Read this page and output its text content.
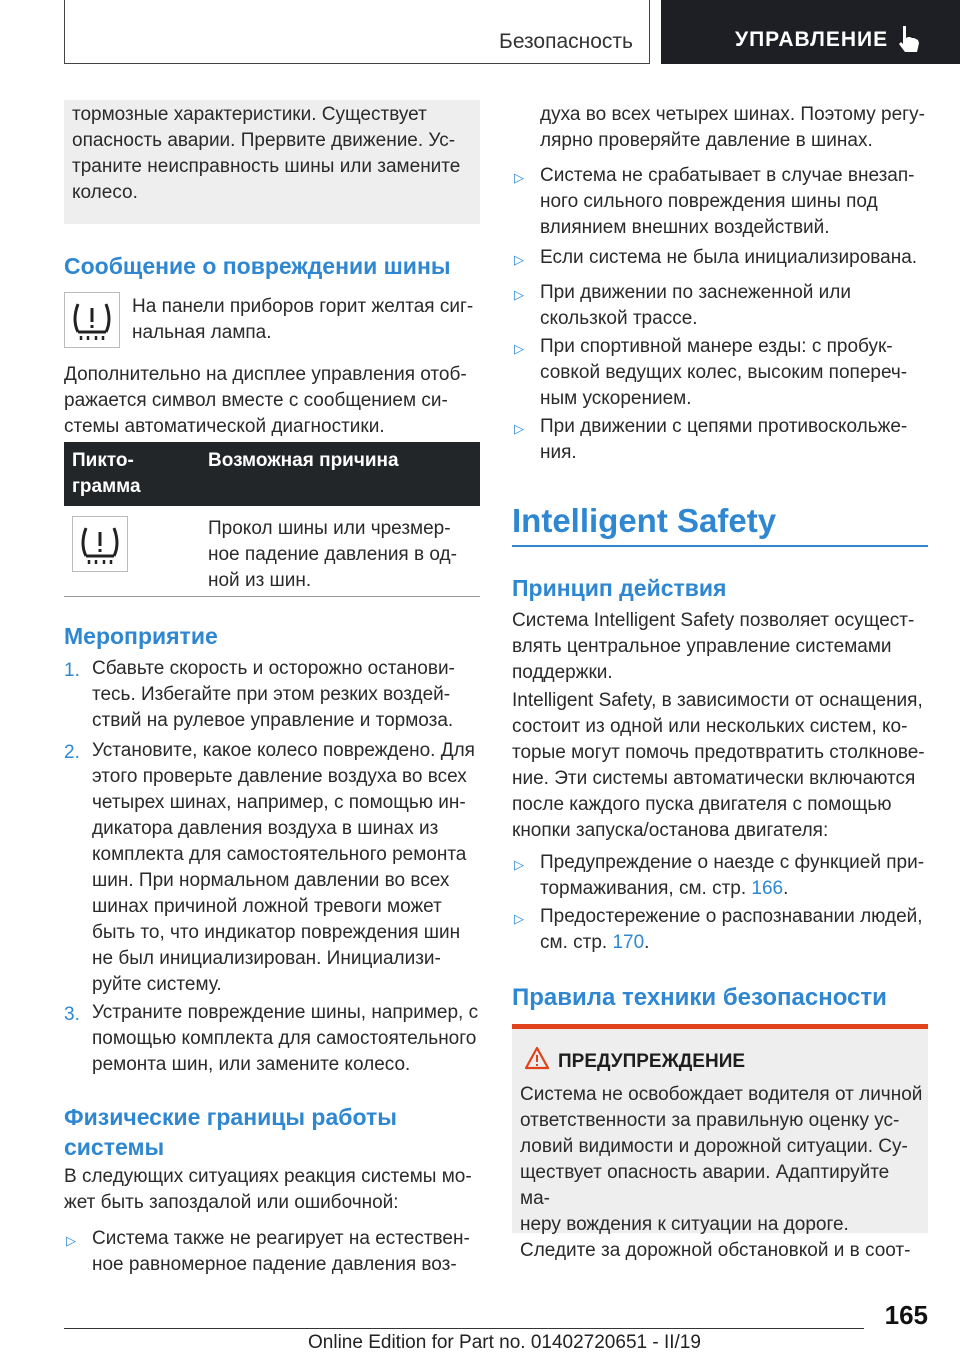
Безопасность	УПРАВЛЕНИЕ
тормозные характеристики. Существует
опасность аварии. Прервите движение. Ус-
траните неисправность шины или замените
колесо.
Сообщение о повреждении шины
На панели приборов горит желтая сиг-
нальная лампа.
Дополнительно на дисплее управления отоб-
ражается символ вместе с сообщением си-
стемы автоматической диагностики.
Пикто-
грамма
Возможная причина
Прокол шины или чрезмер-
ное падение давления в од-
ной из шин.
Мероприятие
1. Сбавьте скорость и осторожно останови-
тесь. Избегайте при этом резких воздей-
ствий на рулевое управление и тормоза.
2. Установите, какое колесо повреждено. Для
этого проверьте давление воздуха во всех
четырех шинах, например, с помощью ин-
дикатора давления воздуха в шинах из
комплекта для самостоятельного ремонта
шин. При нормальном давлении во всех
шинах причиной ложной тревоги может
быть то, что индикатор повреждения шин
не был инициализирован. Инициализи-
руйте систему.
3. Устраните повреждение шины, например, с
помощью комплекта для самостоятельного
ремонта шин, или замените колесо.
Физические границы работы
системы
В следующих ситуациях реакция системы мо-
жет быть запоздалой или ошибочной:
▷ Система также не реагирует на естествен-
ное равномерное падение давления воз-
духа во всех четырех шинах. Поэтому регу-
лярно проверяйте давление в шинах.
▷ Система не срабатывает в случае внезап-
ного сильного повреждения шины под
влиянием внешних воздействий.
▷ Если система не была инициализирована.
▷ При движении по заснеженной или
скользкой трассе.
▷ При спортивной манере езды: с пробук-
совкой ведущих колес, высоким попереч-
ным ускорением.
▷ При движении с цепями противоскольже-
ния.
Intelligent Safety
Принцип действия
Система Intelligent Safety позволяет осущест-
влять центральное управление системами
поддержки.
Intelligent Safety, в зависимости от оснащения,
состоит из одной или нескольких систем, ко-
торые могут помочь предотвратить столкнове-
ние. Эти системы автоматически включаются
после каждого пуска двигателя с помощью
кнопки запуска/останова двигателя:
▷ Предупреждение о наезде с функцией при-
тормаживания, см. стр. 166.
▷ Предостережение о распознавании людей,
см. стр. 170.
Правила техники безопасности
ПРЕДУПРЕЖДЕНИЕ
Система не освобождает водителя от личной
ответственности за правильную оценку ус-
ловий видимости и дорожной ситуации. Су-
ществует опасность аварии. Адаптируйте ма-
неру вождения к ситуации на дороге.
Следите за дорожной обстановкой и в соот-
165
Online Edition for Part no. 01402720651 - II/19
